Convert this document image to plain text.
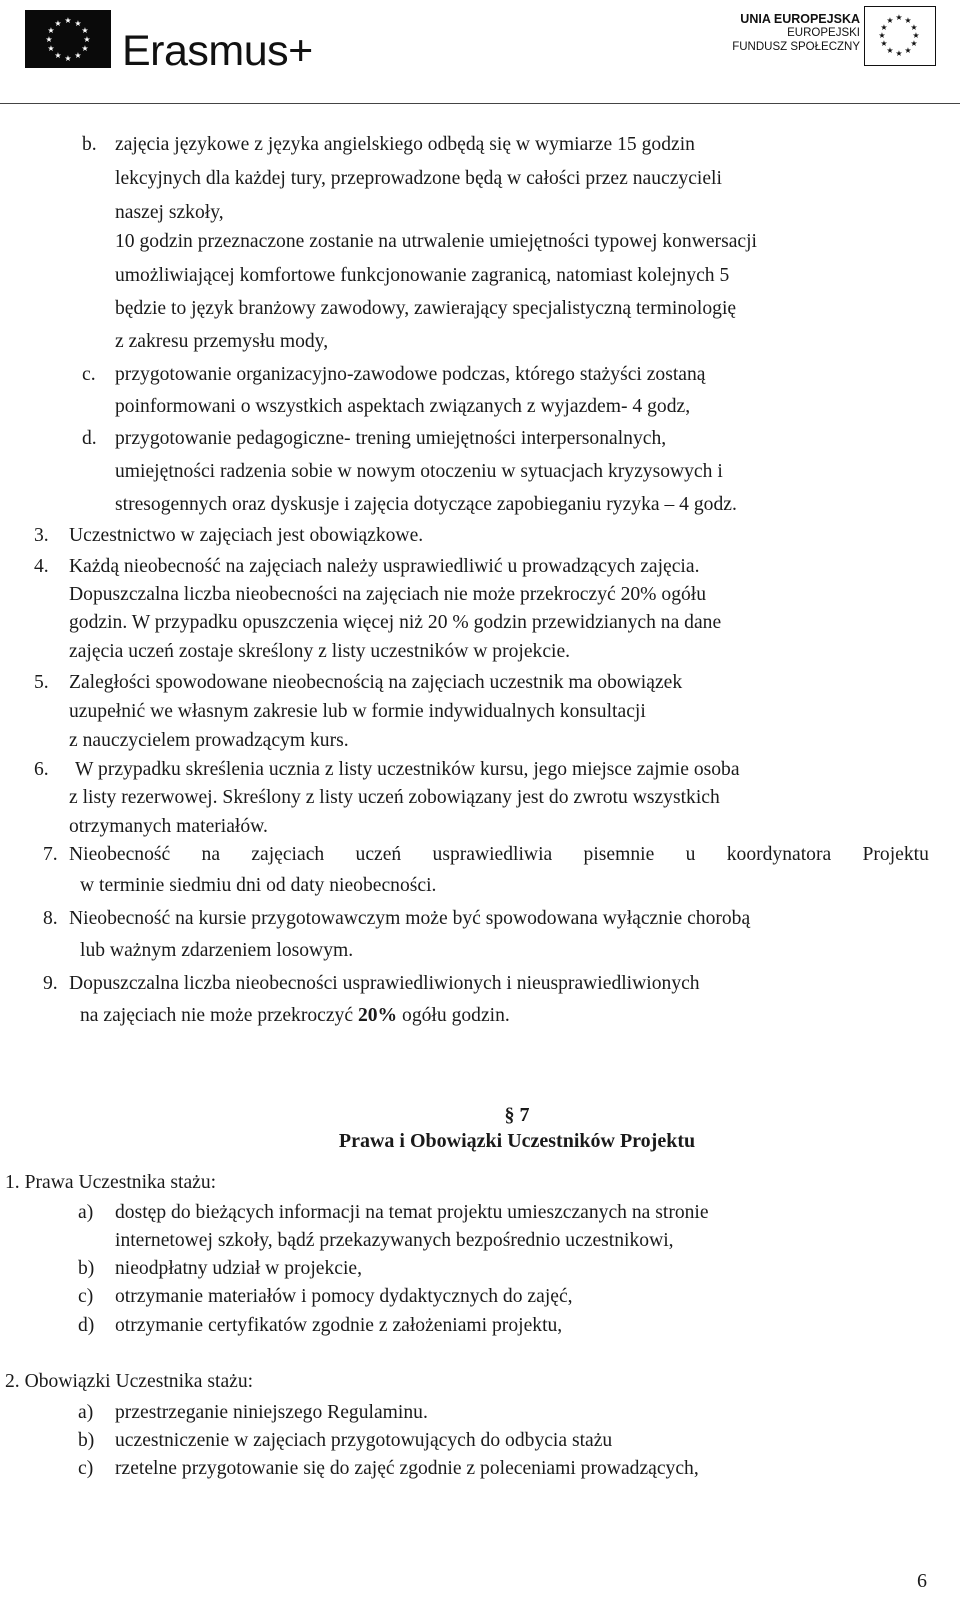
★ ★
★
★
★
★
★
★
★
★
★
★
Erasmus+
UNIA EUROPEJSKA
EUROPEJSKI
FUNDUSZ SPOŁECZNY
★ ★
★
★
★
★
★
★
★
★
★
★
b. zajęcia językowe z języka angielskiego odbędą się w wymiarze 15 godzin
lekcyjnych dla każdej tury, przeprowadzone będą w całości przez nauczycieli
naszej szkoły,
10 godzin przeznaczone zostanie na utrwalenie umiejętności typowej konwersacji
umożliwiającej komfortowe funkcjonowanie zagranicą, natomiast kolejnych 5
będzie to język branżowy zawodowy, zawierający specjalistyczną terminologię
z zakresu przemysłu mody,
c. przygotowanie organizacyjno-zawodowe podczas, którego stażyści zostaną
poinformowani o wszystkich aspektach związanych z wyjazdem- 4 godz,
d. przygotowanie pedagogiczne- trening umiejętności interpersonalnych,
umiejętności radzenia sobie w nowym otoczeniu w sytuacjach kryzysowych i
stresogennych oraz dyskusje i zajęcia dotyczące zapobieganiu ryzyka – 4 godz.
3. Uczestnictwo w zajęciach jest obowiązkowe.
4. Każdą nieobecność na zajęciach należy usprawiedliwić u prowadzących zajęcia.
Dopuszczalna liczba nieobecności na zajęciach nie może przekroczyć 20% ogółu
godzin. W przypadku opuszczenia więcej niż 20 % godzin przewidzianych na dane
zajęcia uczeń zostaje skreślony z listy uczestników w projekcie.
5. Zaległości spowodowane nieobecnością na zajęciach uczestnik ma obowiązek
uzupełnić we własnym zakresie lub w formie indywidualnych konsultacji
z nauczycielem prowadzącym kurs.
6. W przypadku skreślenia ucznia z listy uczestników kursu, jego miejsce zajmie osoba
z listy rezerwowej. Skreślony z listy uczeń zobowiązany jest do zwrotu wszystkich
otrzymanych materiałów.
7. Nieobecność na zajęciach uczeń usprawiedliwia pisemnie u koordynatora Projektu
w terminie siedmiu dni od daty nieobecności.
8. Nieobecność na kursie przygotowawczym może być spowodowana wyłącznie chorobą
lub ważnym zdarzeniem losowym.
9. Dopuszczalna liczba nieobecności usprawiedliwionych i nieusprawiedliwionych
na zajęciach nie może przekroczyć 20% ogółu godzin.
§ 7
Prawa i Obowiązki Uczestników Projektu
1. Prawa Uczestnika stażu:
a) dostęp do bieżących informacji na temat projektu umieszczanych na stronie
internetowej szkoły, bądź przekazywanych bezpośrednio uczestnikowi,
b) nieodpłatny udział w projekcie,
c) otrzymanie materiałów i pomocy dydaktycznych do zajęć,
d) otrzymanie certyfikatów zgodnie z założeniami projektu,
2. Obowiązki Uczestnika stażu:
a) przestrzeganie niniejszego Regulaminu.
b) uczestniczenie w zajęciach przygotowujących do odbycia stażu
c) rzetelne przygotowanie się do zajęć zgodnie z poleceniami prowadzących,
6
